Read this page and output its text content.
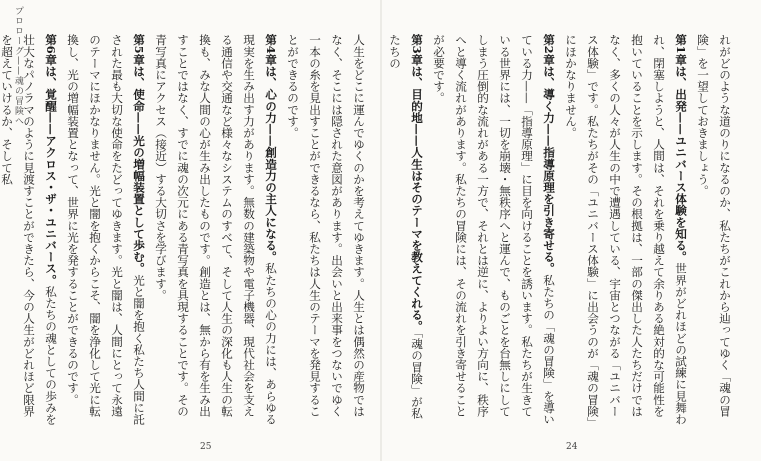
プロローグ——魂の冒険へ	人生をどこに運んでゆくのかを考えてゆきます。人生とは偶然の産物ではなく、そこには隠された意図があります。出会いと出来事をつないでゆく一本の糸を見出すことができるなら、私たちは人生のテーマを発見することができるのです。

第4章は、心の力——創造力の主人になる。私たちの心の力には、あらゆる現実を生み出す力があります。無数の建築物や電子機器、現代社会を支える通信や交通など様々なシステムのすべて、そして人生の深化も人生の転換も、みな人間の心が生み出したものです。創造とは、無から有を生み出すことではなく、すでに魂の次元にある青写真を具現することです。その青写真にアクセス（接近）する大切さを学びます。

第5章は、使命——光の増幅装置として歩む。光と闇を抱く私たち人間に託された最も大切な使命をたどってゆきます。光と闇は、人間にとって永遠のテーマにほかなりません。光と闇を抱くからこそ、闇を浄化して光に転換し、光の増幅装置となって、世界に光を発することができるのです。

第6章は、覚醒——アクロス・ザ・ユニバース。私たちの魂としての歩みを壮大なパノラマのように見渡すことができたら、今の人生がどれほど限界を超えていけるか、そして私	れがどのような道のりになるのか、私たちがこれから辿ってゆく「魂の冒険」を一望しておきましょう。

第1章は、出発——ユニバース体験を知る。世界がどれほどの試練に見舞われ、閉塞しようと、人間は、それを乗り越えて余りある絶対的な可能性を抱いていることを示します。その根拠は、一部の傑出した人たちだけではなく、多くの人々が人生の中で遭遇している、宇宙とつながる「ユニバース体験」です。私たちがその「ユニバース体験」に出会うのが「魂の冒険」にほかなりません。

第2章は、導く力——指導原理を引き寄せる。私たちの「魂の冒険」を導いている力——「指導原理」に目を向けることを誘います。私たちが生きている世界には、一切を崩壊・無秩序へと運んで、ものごとを台無しにしてしまう圧倒的な流れがある一方で、それとは逆に、よりよい方向に、秩序へと導く流れがあります。私たちの冒険には、その流れを引き寄せることが必要です。

第3章は、目的地——人生はそのテーマを教えてくれる。「魂の冒険」が私たちの

25	24
